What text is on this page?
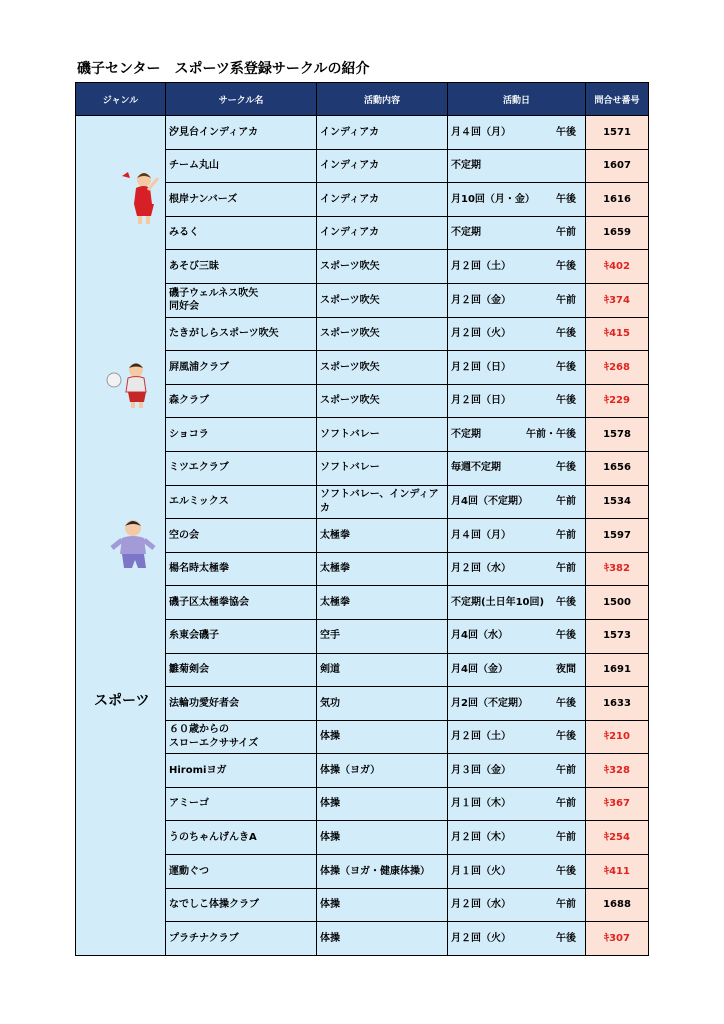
磯子センター　スポーツ系登録サークルの紹介
ジャンル	サークル名	活動内容	活動日	問合せ番号

スポーツ	汐見台インディアカ	インディアカ	月４回（月） 午後	1571
	チーム丸山	インディアカ	不定期	1607
	根岸ナンバーズ	インディアカ	月10回（月・金） 午後	1616
	みるく	インディアカ	不定期 午前	1659
	あそび三昧	スポーツ吹矢	月２回（土） 午後	ｷ402
	磯子ウェルネス吹矢
同好会	スポーツ吹矢	月２回（金） 午前	ｷ374
	たきがしらスポーツ吹矢	スポーツ吹矢	月２回（火） 午後	ｷ415
	屛風浦クラブ	スポーツ吹矢	月２回（日） 午後	ｷ268
	森クラブ	スポーツ吹矢	月２回（日） 午後	ｷ229
	ショコラ	ソフトバレー	不定期 午前・午後	1578
	ミツエクラブ	ソフトバレー	毎週不定期 午後	1656
	エルミックス	ソフトバレー、インディアカ	月4回（不定期） 午前	1534
	空の会	太極拳	月４回（月） 午前	1597
	楊名時太極拳	太極拳	月２回（水） 午前	ｷ382
	磯子区太極拳協会	太極拳	不定期(土日年10回) 午後	1500
	糸東会磯子	空手	月4回（水） 午後	1573
	雛菊剣会	剣道	月4回（金） 夜間	1691
	法輪功愛好者会	気功	月2回（不定期） 午後	1633
	６０歳からの
スローエクササイズ	体操	月２回（土） 午後	ｷ210
	Hiromiヨガ	体操（ヨガ）	月３回（金） 午前	ｷ328
	アミーゴ	体操	月１回（木） 午前	ｷ367
	うのちゃんげんきA	体操	月２回（木） 午前	ｷ254
	運動ぐつ	体操（ヨガ・健康体操）	月１回（火） 午後	ｷ411
	なでしこ体操クラブ	体操	月２回（水） 午前	1688
	プラチナクラブ	体操	月２回（火） 午後	ｷ307
